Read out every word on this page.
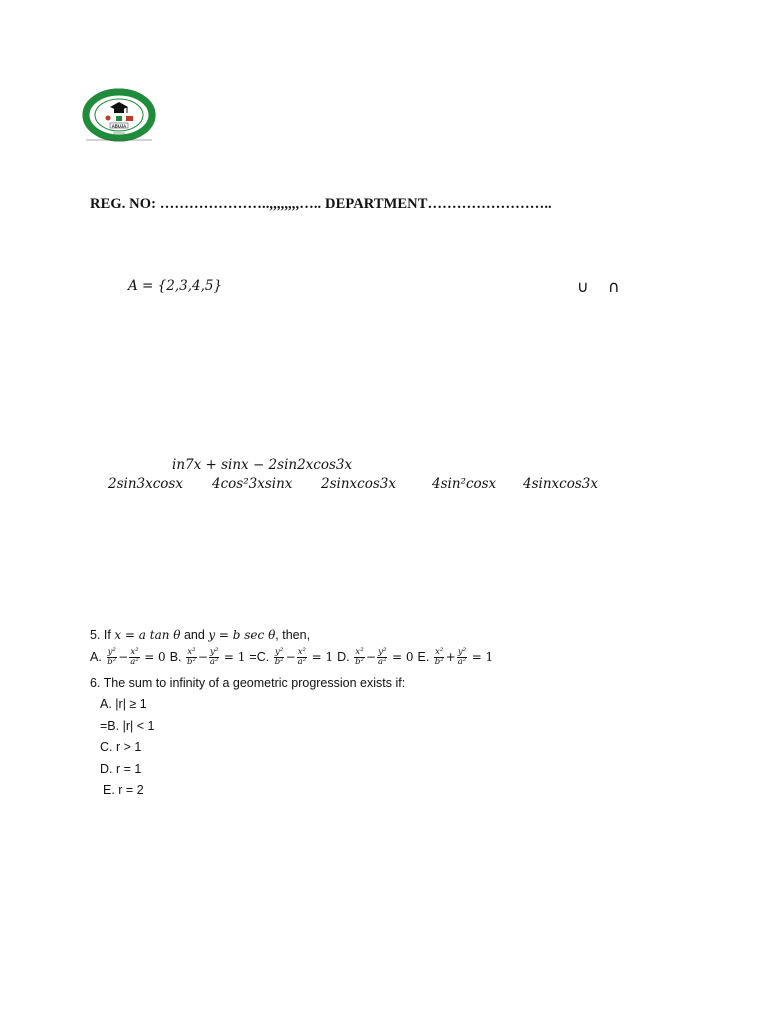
ABUJA
REG. NO: …………………..,,,,,,,,….. DEPARTMENT……………………..
A = {2,3,4,5}	∪ ∩
in7x + sinx − 2sin2xcos3x
2sin3xcosx 4cos²3xsinx 2sinxcos3x	4sin²cosx 4sinxcos3x
5. If x = a tan θ and y = b sec θ, then,
A. $\frac{\text{y²}}{\text{b²}} - \frac{\text{x²}}{\text{a²}} = 0$ B. $\frac{\text{x²}}{\text{b²}} - \frac{\text{y²}}{\text{a²}} = 1 =C$. $\frac{\text{y²}}{\text{b²}} - \frac{\text{x²}}{\text{a²}} = 1$ D. $\frac{\text{x²}}{\text{b²}} - \frac{\text{y²}}{\text{a²}} = 0$ E. $\frac{\text{x²}}{\text{b²}} + \frac{\text{y²}}{\text{a²}} = 1$
6. The sum to infinity of a geometric progression exists if:
A. |r| ≥ 1
=B. |r| < 1
C. r > 1
D. r = 1
E. r = 2
